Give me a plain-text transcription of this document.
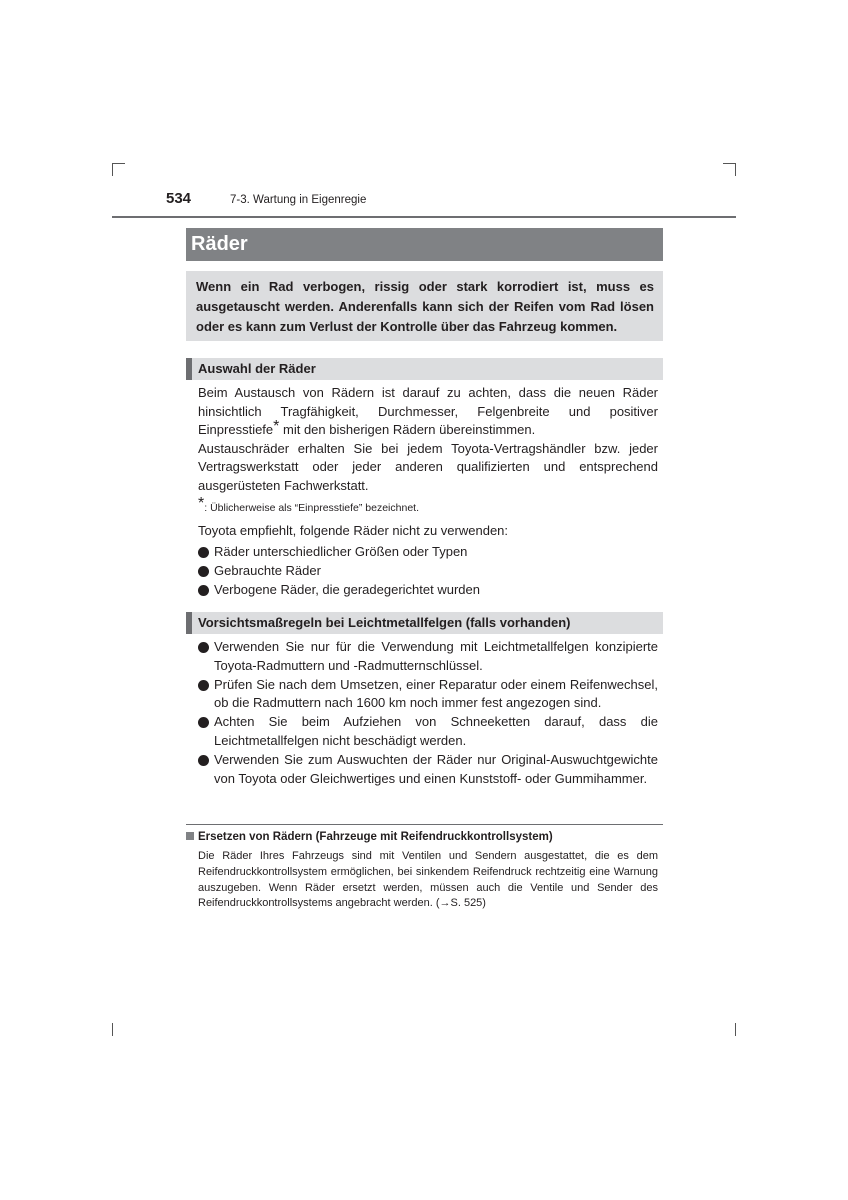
534	7-3. Wartung in Eigenregie
Räder
Wenn ein Rad verbogen, rissig oder stark korrodiert ist, muss es ausgetauscht werden. Anderenfalls kann sich der Reifen vom Rad lösen oder es kann zum Verlust der Kontrolle über das Fahrzeug kommen.
Auswahl der Räder

Beim Austausch von Rädern ist darauf zu achten, dass die neuen Räder hinsichtlich Tragfähigkeit, Durchmesser, Felgenbreite und positiver Einpresstiefe* mit den bisherigen Rädern übereinstimmen.

Austauschräder erhalten Sie bei jedem Toyota-Vertragshändler bzw. jeder Vertragswerkstatt oder jeder anderen qualifizierten und entsprechend ausgerüsteten Fachwerkstatt.

*: Üblicherweise als “Einpresstiefe” bezeichnet.

Toyota empfiehlt, folgende Räder nicht zu verwenden:

Räder unterschiedlicher Größen oder Typen
Gebrauchte Räder
Verbogene Räder, die geradegerichtet wurden
Vorsichtsmaßregeln bei Leichtmetallfelgen (falls vorhanden)
Verwenden Sie nur für die Verwendung mit Leichtmetallfelgen konzipierte Toyota-Radmuttern und -Radmutternschlüssel.
Prüfen Sie nach dem Umsetzen, einer Reparatur oder einem Reifenwechsel, ob die Radmuttern nach 1600 km noch immer fest angezogen sind.
Achten Sie beim Aufziehen von Schneeketten darauf, dass die Leichtmetallfelgen nicht beschädigt werden.
Verwenden Sie zum Auswuchten der Räder nur Original-Auswuchtgewichte von Toyota oder Gleichwertiges und einen Kunststoff- oder Gummihammer.
Ersetzen von Rädern (Fahrzeuge mit Reifendruckkontrollsystem)
Die Räder Ihres Fahrzeugs sind mit Ventilen und Sendern ausgestattet, die es dem Reifendruckkontrollsystem ermöglichen, bei sinkendem Reifendruck rechtzeitig eine Warnung auszugeben. Wenn Räder ersetzt werden, müssen auch die Ventile und Sender des Reifendruckkontrollsystems angebracht werden. (→S. 525)
